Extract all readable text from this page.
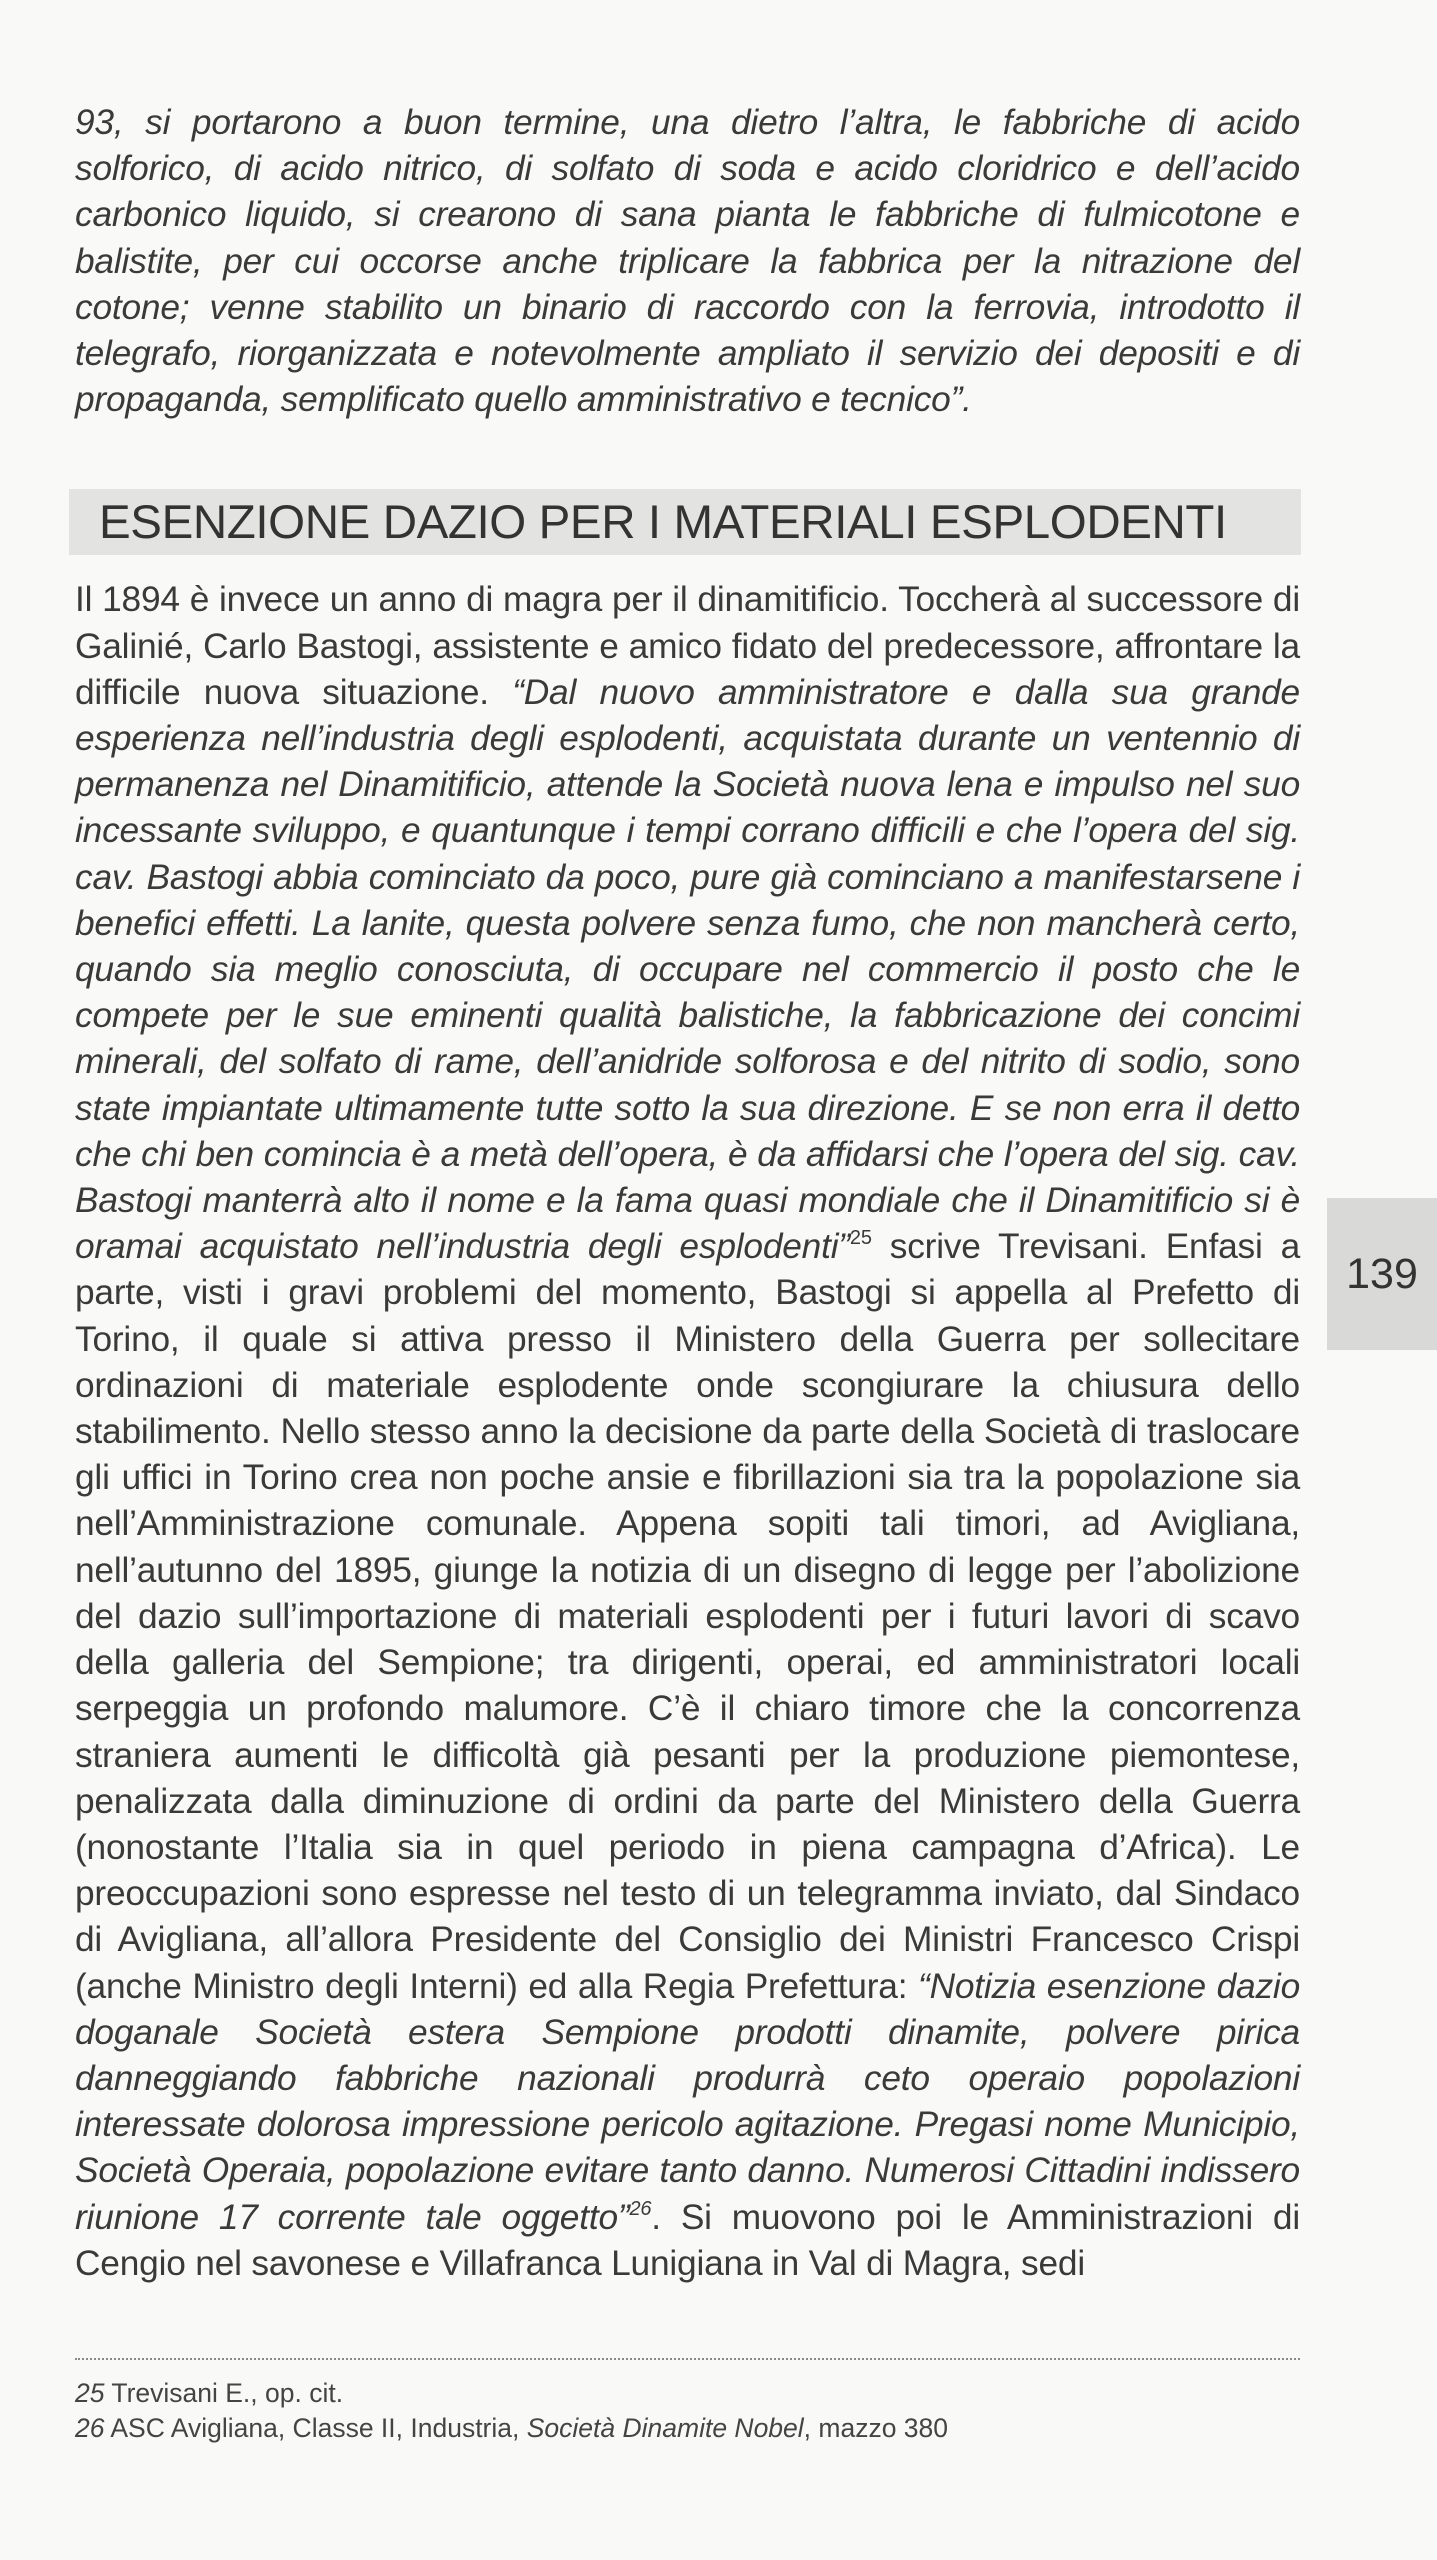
93, si portarono a buon termine, una dietro l’altra, le fabbriche di acido solforico, di acido nitrico, di solfato di soda e acido cloridrico e dell’acido carbonico liquido, si crearono di sana pianta le fabbriche di fulmicotone e balistite, per cui occorse anche triplicare la fabbrica per la nitrazione del cotone; venne stabilito un binario di raccordo con la ferrovia, introdotto il telegrafo, riorganizzata e notevolmente ampliato il servizio dei depositi e di propaganda, semplificato quello amministrativo e tecnico”.

ESENZIONE DAZIO PER I MATERIALI ESPLODENTI

Il 1894 è invece un anno di magra per il dinamitificio. Toccherà al successore di Galinié, Carlo Bastogi, assistente e amico fidato del predecessore, affrontare la difficile nuova situazione. “Dal nuovo amministratore e dalla sua grande esperienza nell’industria degli esplodenti, acquistata durante un ventennio di permanenza nel Dinamitificio, attende la Società nuova lena e impulso nel suo incessante sviluppo, e quantunque i tempi corrano difficili e che l’opera del sig. cav. Bastogi abbia cominciato da poco, pure già cominciano a manifestarsene i benefici effetti. La lanite, questa polvere senza fumo, che non mancherà certo, quando sia meglio conosciuta, di occupare nel commercio il posto che le compete per le sue eminenti qualità balistiche, la fabbricazione dei concimi minerali, del solfato di rame, dell’anidride solforosa e del nitrito di sodio, sono state impiantate ultimamente tutte sotto la sua direzione. E se non erra il detto che chi ben comincia è a metà dell’opera, è da affidarsi che l’opera del sig. cav. Bastogi manterrà alto il nome e la fama quasi mondiale che il Dinamitificio si è oramai acquistato nell’industria degli esplodenti”$^{25}$ scrive Trevisani. Enfasi a parte, visti i gravi problemi del momento, Bastogi si appella al Prefetto di Torino, il quale si attiva presso il Ministero della Guerra per sollecitare ordinazioni di materiale esplodente onde scongiurare la chiusura dello stabilimento. Nello stesso anno la decisione da parte della Società di traslocare gli uffici in Torino crea non poche ansie e fibrillazioni sia tra la popolazione sia nell’Amministrazione comunale. Appena sopiti tali timori, ad Avigliana, nell’autunno del 1895, giunge la notizia di un disegno di legge per l’abolizione del dazio sull’importazione di materiali esplodenti per i futuri lavori di scavo della galleria del Sempione; tra dirigenti, operai, ed amministratori locali serpeggia un profondo malumore. C’è il chiaro timore che la concorrenza straniera aumenti le difficoltà già pesanti per la produzione piemontese, penalizzata dalla diminuzione di ordini da parte del Ministero della Guerra (nonostante l’Italia sia in quel periodo in piena campagna d’Africa). Le preoccupazioni sono espresse nel testo di un telegramma inviato, dal Sindaco di Avigliana, all’allora Presidente del Consiglio dei Ministri Francesco Crispi (anche Ministro degli Interni) ed alla Regia Prefettura: “Notizia esenzione dazio doganale Società estera Sempione prodotti dinamite, polvere pirica danneggiando fabbriche nazionali produrrà ceto operaio popolazioni interessate dolorosa impressione pericolo agitazione. Pregasi nome Municipio, Società Operaia, popolazione evitare tanto danno. Numerosi Cittadini indissero riunione 17 corrente tale oggetto”$^{26}$. Si muovono poi le Amministrazioni di Cengio nel savonese e Villafranca Lunigiana in Val di Magra, sedi

25 Trevisani E., op. cit.

26 ASC Avigliana, Classe II, Industria, Società Dinamite Nobel, mazzo 380

139
